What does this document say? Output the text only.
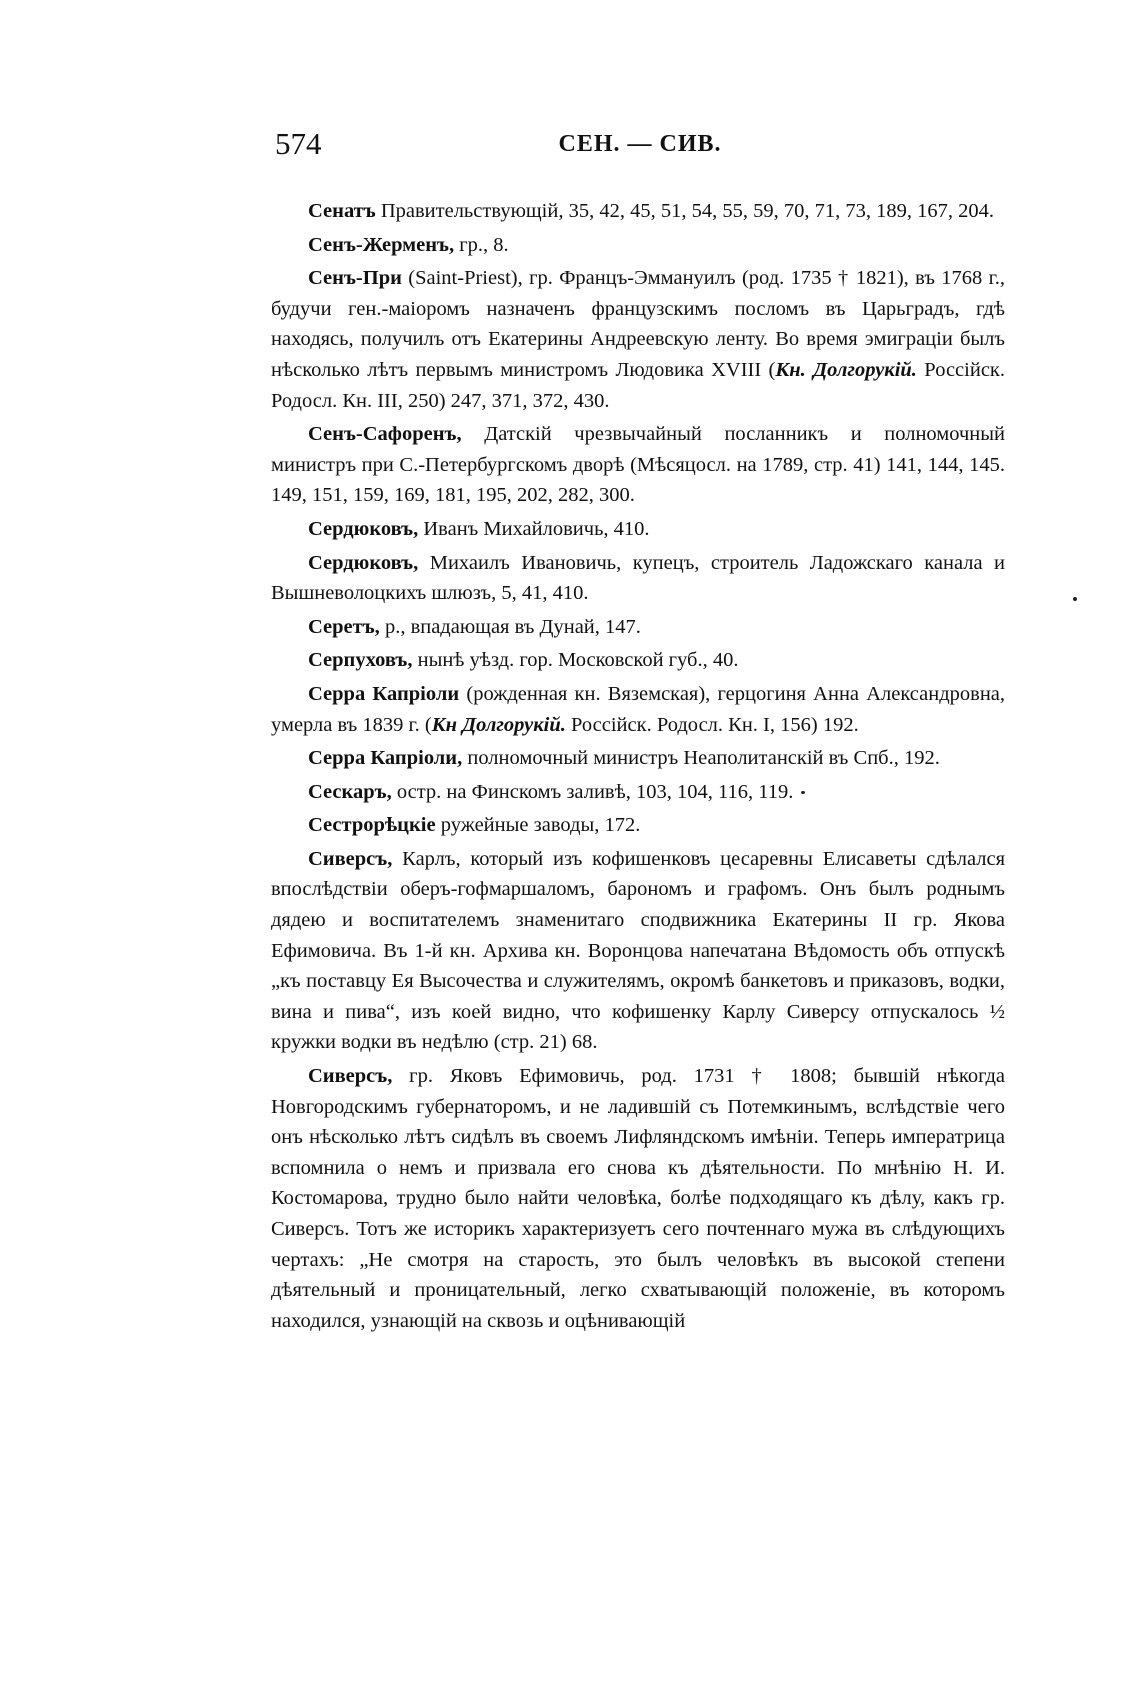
574	СЕН. — СИВ.

Сенатъ Правительствующій, 35, 42, 45, 51, 54, 55, 59, 70, 71, 73, 189, 167, 204.

Сенъ-Жерменъ, гр., 8.

Сенъ-При (Saint-Priest), гр. Францъ-Эммануилъ (род. 1735 † 1821), въ 1768 г., будучи ген.-маіоромъ назначенъ французскимъ посломъ въ Царьградъ, гдѣ находясь, получилъ отъ Екатерины Андреевскую ленту. Во время эмиграціи былъ нѣсколько лѣтъ первымъ министромъ Людовика XVIII (Кн. Долгорукій. Россійск. Родосл. Кн. III, 250) 247, 371, 372, 430.

Сенъ-Сафоренъ, Датскій чрезвычайный посланникъ и полномочный министръ при С.-Петербургскомъ дворѣ (Мѣсяцосл. на 1789, стр. 41) 141, 144, 145. 149, 151, 159, 169, 181, 195, 202, 282, 300.

Сердюковъ, Иванъ Михайловичь, 410.

Сердюковъ, Михаилъ Ивановичь, купецъ, строитель Ладожскаго канала и Вышневолоцкихъ шлюзъ, 5, 41, 410.

Серетъ, р., впадающая въ Дунай, 147.

Серпуховъ, нынѣ уѣзд. гор. Московской губ., 40.

Серра Капріоли (рожденная кн. Вяземская), герцогиня Анна Александровна, умерла въ 1839 г. (Кн Долгорукій. Россійск. Родосл. Кн. I, 156) 192.

Серра Капріоли, полномочный министръ Неаполитанскій въ Спб., 192.

Сескаръ, остр. на Финскомъ заливѣ, 103, 104, 116, 119.

Сестрорѣцкіе ружейные заводы, 172.

Сиверсъ, Карлъ, который изъ кофишенковъ цесаревны Елисаветы сдѣлался впослѣдствіи оберъ-гофмаршаломъ, барономъ и графомъ. Онъ былъ роднымъ дядею и воспитателемъ знаменитаго сподвижника Екатерины II гр. Якова Ефимовича. Въ 1-й кн. Архива кн. Воронцова напечатана Вѣдомость объ отпускѣ „къ поставцу Ея Высочества и служителямъ, окромѣ банкетовъ и приказовъ, водки, вина и пива“, изъ коей видно, что кофишенку Карлу Сиверсу отпускалось ½ кружки водки въ недѣлю (стр. 21) 68.

Сиверсъ, гр. Яковъ Ефимовичь, род. 1731 † 1808; бывшій нѣкогда Новгородскимъ губернаторомъ, и не ладившій съ Потемкинымъ, вслѣдствіе чего онъ нѣсколько лѣтъ сидѣлъ въ своемъ Лифляндскомъ имѣніи. Теперь императрица вспомнила о немъ и призвала его снова къ дѣятельности. По мнѣнію Н. И. Костомарова, трудно было найти человѣка, болѣе подходящаго къ дѣлу, какъ гр. Сиверсъ. Тотъ же историкъ характеризуетъ сего почтеннаго мужа въ слѣдующихъ чертахъ: „Не смотря на старость, это былъ человѣкъ въ высокой степени дѣятельный и проницательный, легко схватывающій положеніе, въ которомъ находился, узнающій на сквозь и оцѣнивающій
